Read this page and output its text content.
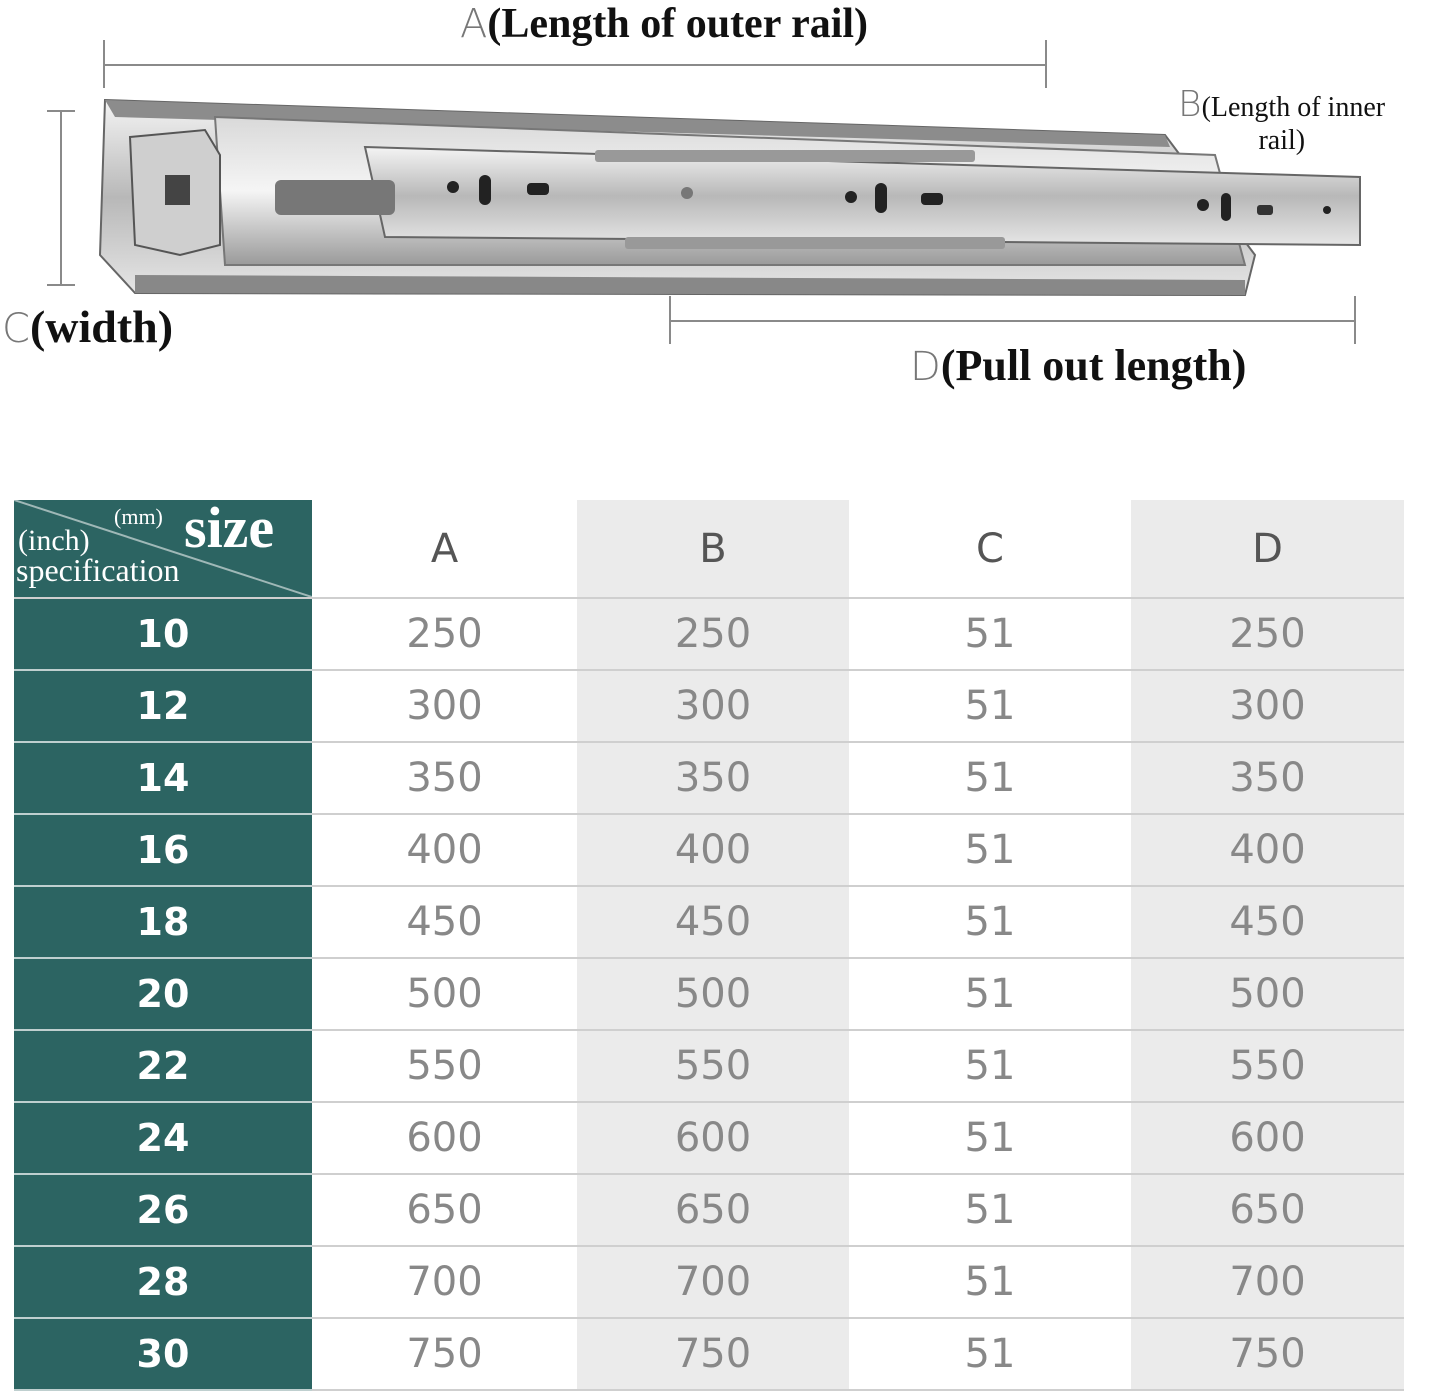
A(Length of outer rail)
B(Length of inner
rail)
C(width)
D(Pull out length)
(mm) size
(inch)
specification	A	B	C	D
10	250	250	51	250
12	300	300	51	300
14	350	350	51	350
16	400	400	51	400
18	450	450	51	450
20	500	500	51	500
22	550	550	51	550
24	600	600	51	600
26	650	650	51	650
28	700	700	51	700
30	750	750	51	750
